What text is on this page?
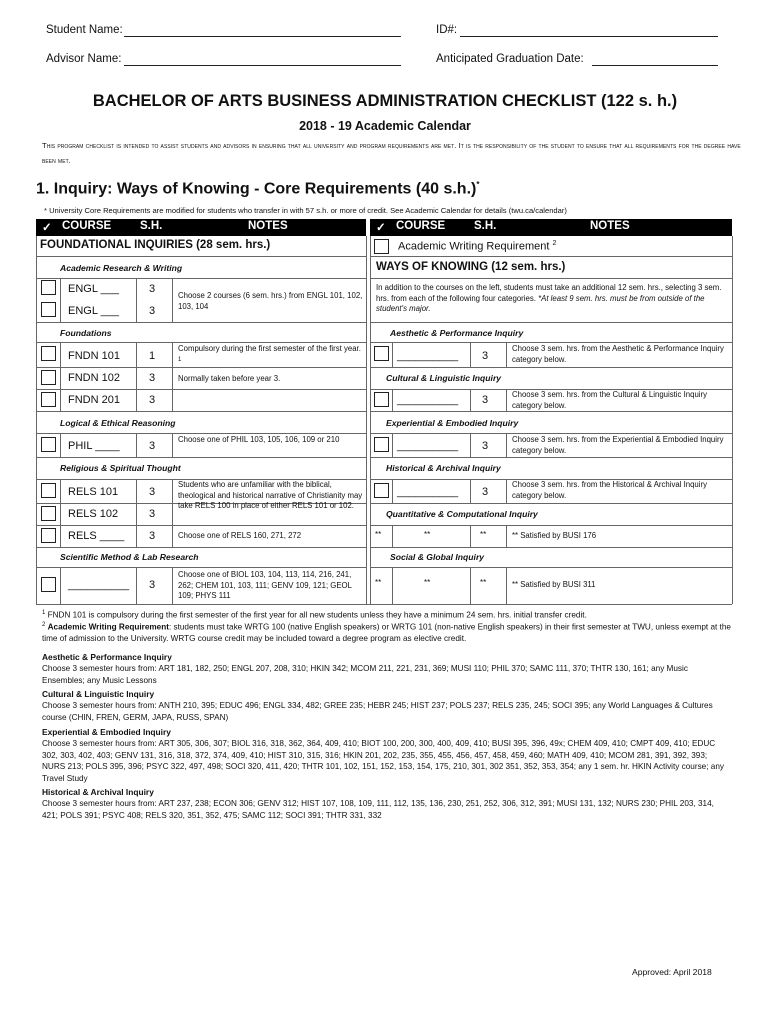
Student Name:	ID#:
Advisor Name:	Anticipated Graduation Date:
BACHELOR OF ARTS BUSINESS ADMINISTRATION CHECKLIST (122 s. h.)
2018 - 19 Academic Calendar
This program checklist is intended to assist students and advisors in ensuring that all university and program requirements are met. It is the responsibility of the student to ensure that all requirements for the degree have been met.
1. Inquiry: Ways of Knowing - Core Requirements (40 s.h.)*
* University Core Requirements are modified for students who transfer in with 57 s.h. or more of credit. See Academic Calendar for details (twu.ca/calendar)
✓ COURSE	S.H.	NOTES	✓ COURSE	S.H.	NOTES
FOUNDATIONAL INQUIRIES (28 sem. hrs.)
Academic Research & Writing
ENGL ___	3
ENGL ___	3
Choose 2 courses (6 sem. hrs.) from ENGL 101, 102, 103, 104
Foundations
FNDN 101	1
Compulsory during the first semester of the first year. $^1$
FNDN 102	3	Normally taken before year 3.
FNDN 201	3
Logical & Ethical Reasoning
PHIL ____	3
Choose one of PHIL 103, 105, 106, 109 or 210
Religious & Spiritual Thought
RELS 101	3
RELS 102	3
Students who are unfamiliar with the biblical, theological and historical narrative of Christianity may take RELS 100 in place of either RELS 101 or 102.
RELS ____ 3	Choose one of RELS 160, 271, 272
Scientific Method & Lab Research
__________ 3
Choose one of BIOL 103, 104, 113, 114, 216, 241, 262; CHEM 101, 103, 111; GENV 109, 121; GEOL 109; PHYS 111
Academic Writing Requirement $^2$
WAYS OF KNOWING (12 sem. hrs.)
In addition to the courses on the left, students must take an additional 12 sem. hrs., selecting 3 sem. hrs. from each of the following four categories. *At least 9 sem. hrs. must be from outside of the student's major.
Aesthetic & Performance Inquiry
__________ 3
Choose 3 sem. hrs. from the Aesthetic & Performance Inquiry category below.
Cultural & Linguistic Inquiry
__________ 3	Choose 3 sem. hrs. from the Cultural & Linguistic Inquiry category below.
Experiential & Embodied Inquiry
__________ 3
Choose 3 sem. hrs. from the Experiential & Embodied Inquiry category below.
Historical & Archival Inquiry
__________ 3
Choose 3 sem. hrs. from the Historical & Archival Inquiry category below.
Quantitative & Computational Inquiry
**	**	**	** Satisfied by BUSI 176
Social & Global Inquiry
**	**	**	** Satisfied by BUSI 311
$^1$ FNDN 101 is compulsory during the first semester of the first year for all new students unless they have a minimum 24 sem. hrs. initial transfer credit.
$^2$ Academic Writing Requirement: students must take WRTG 100 (native English speakers) or WRTG 101 (non-native English speakers) in their first semester at TWU, unless exempt at the time of admission to the University. WRTG course credit may be included toward a degree program as elective credit.
Aesthetic & Performance Inquiry
Choose 3 semester hours from: ART 181, 182, 250; ENGL 207, 208, 310; HKIN 342; MCOM 211, 221, 231, 369; MUSI 110; PHIL 370; SAMC 111, 370; THTR 130, 161; any Music Ensembles; any Music Lessons
Cultural & Linguistic Inquiry
Choose 3 semester hours from: ANTH 210, 395; EDUC 496; ENGL 334, 482; GREE 235; HEBR 245; HIST 237; POLS 237; RELS 235, 245; SOCI 395; any World Languages & Cultures course (CHIN, FREN, GERM, JAPA, RUSS, SPAN)
Experiential & Embodied Inquiry
Choose 3 semester hours from: ART 305, 306, 307; BIOL 316, 318, 362, 364, 409, 410; BIOT 100, 200, 300, 400, 409, 410; BUSI 395, 396, 49x; CHEM 409, 410; CMPT 409, 410; EDUC 302, 303, 402, 403; GENV 131, 316, 318, 372, 374, 409, 410; HIST 310, 315, 316; HKIN 201, 202, 235, 355, 455, 456, 457, 458, 459, 460; MATH 409, 410; MCOM 281, 391, 392, 393; NURS 213; POLS 395, 396; PSYC 322, 497, 498; SOCI 320, 411, 420; THTR 101, 102, 151, 152, 153, 154, 175, 210, 301, 302 351, 352, 353, 354; any 1 sem. hr. HKIN Activity course; any Travel Study
Historical & Archival Inquiry
Choose 3 semester hours from: ART 237, 238; ECON 306; GENV 312; HIST 107, 108, 109, 111, 112, 135, 136, 230, 251, 252, 306, 312, 391; MUSI 131, 132; NURS 230; PHIL 203, 314, 421; POLS 391; PSYC 408; RELS 320, 351, 352, 475; SAMC 112; SOCI 391; THTR 331, 332
Approved: April 2018
